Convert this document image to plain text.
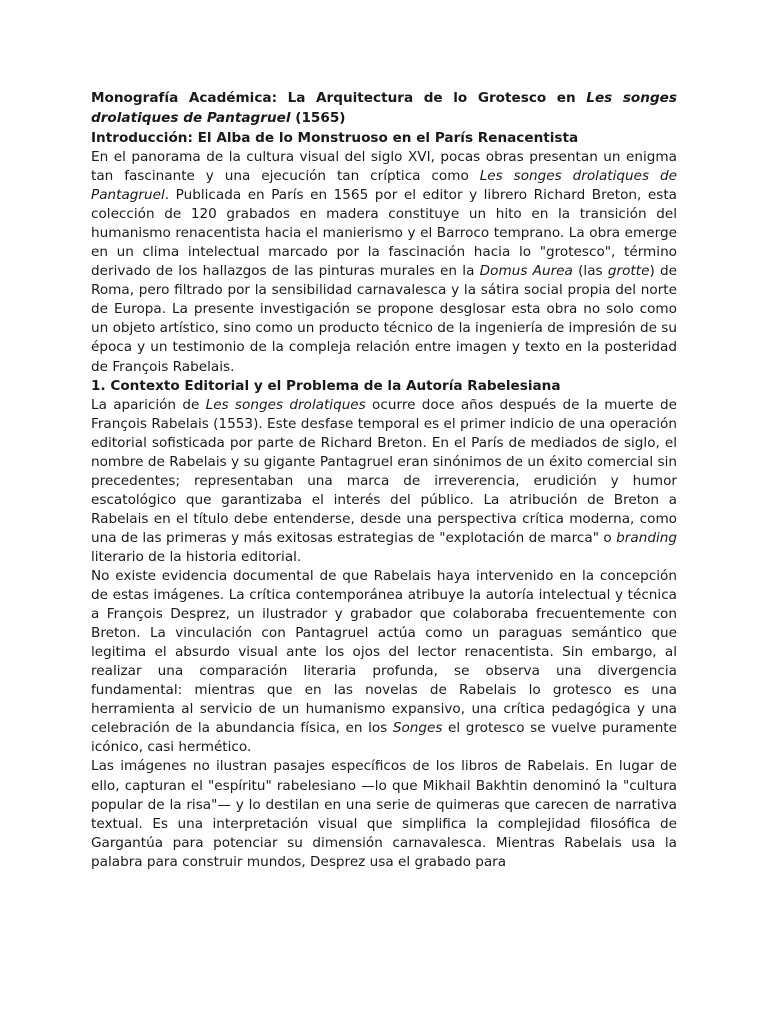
Monografía Académica: La Arquitectura de lo Grotesco en Les songes drolatiques de Pantagruel (1565)
Introducción: El Alba de lo Monstruoso en el París Renacentista

En el panorama de la cultura visual del siglo XVI, pocas obras presentan un enigma tan fascinante y una ejecución tan críptica como Les songes drolatiques de Pantagruel. Publicada en París en 1565 por el editor y librero Richard Breton, esta colección de 120 grabados en madera constituye un hito en la transición del humanismo renacentista hacia el manierismo y el Barroco temprano. La obra emerge en un clima intelectual marcado por la fascinación hacia lo "grotesco", término derivado de los hallazgos de las pinturas murales en la Domus Aurea (las grotte) de Roma, pero filtrado por la sensibilidad carnavalesca y la sátira social propia del norte de Europa. La presente investigación se propone desglosar esta obra no solo como un objeto artístico, sino como un producto técnico de la ingeniería de impresión de su época y un testimonio de la compleja relación entre imagen y texto en la posteridad de François Rabelais.

1. Contexto Editorial y el Problema de la Autoría Rabelesiana

La aparición de Les songes drolatiques ocurre doce años después de la muerte de François Rabelais (1553). Este desfase temporal es el primer indicio de una operación editorial sofisticada por parte de Richard Breton. En el París de mediados de siglo, el nombre de Rabelais y su gigante Pantagruel eran sinónimos de un éxito comercial sin precedentes; representaban una marca de irreverencia, erudición y humor escatológico que garantizaba el interés del público. La atribución de Breton a Rabelais en el título debe entenderse, desde una perspectiva crítica moderna, como una de las primeras y más exitosas estrategias de "explotación de marca" o branding literario de la historia editorial.

No existe evidencia documental de que Rabelais haya intervenido en la concepción de estas imágenes. La crítica contemporánea atribuye la autoría intelectual y técnica a François Desprez, un ilustrador y grabador que colaboraba frecuentemente con Breton. La vinculación con Pantagruel actúa como un paraguas semántico que legitima el absurdo visual ante los ojos del lector renacentista. Sin embargo, al realizar una comparación literaria profunda, se observa una divergencia fundamental: mientras que en las novelas de Rabelais lo grotesco es una herramienta al servicio de un humanismo expansivo, una crítica pedagógica y una celebración de la abundancia física, en los Songes el grotesco se vuelve puramente icónico, casi hermético.

Las imágenes no ilustran pasajes específicos de los libros de Rabelais. En lugar de ello, capturan el "espíritu" rabelesiano —lo que Mikhail Bakhtin denominó la "cultura popular de la risa"— y lo destilan en una serie de quimeras que carecen de narrativa textual. Es una interpretación visual que simplifica la complejidad filosófica de Gargantúa para potenciar su dimensión carnavalesca. Mientras Rabelais usa la palabra para construir mundos, Desprez usa el grabado para
